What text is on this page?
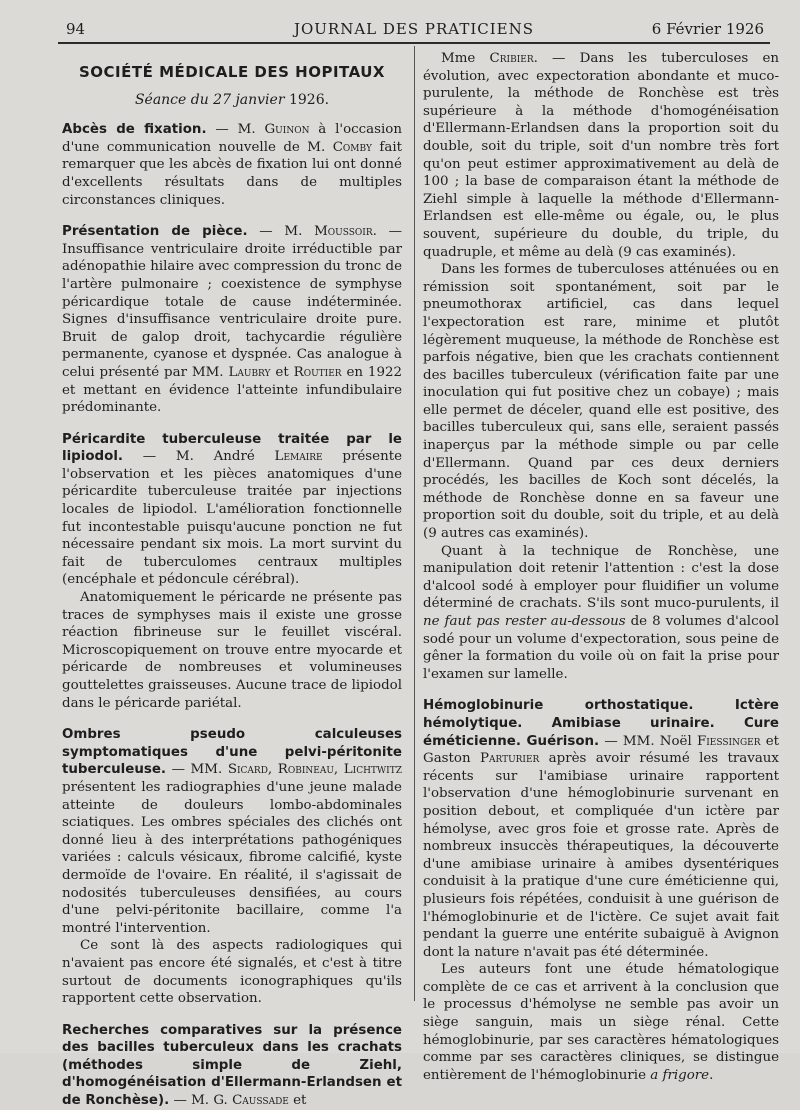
94	JOURNAL DES PRATICIENS	6 Février 1926
SOCIÉTÉ MÉDICALE DES HOPITAUX
Séance du 27 janvier 1926.

Abcès de fixation. — M. Guinon à l'occasion d'une communication nouvelle de M. Comby fait remarquer que les abcès de fixation lui ont donné d'excellents résultats dans de multiples circonstances cliniques.

Présentation de pièce. — M. Moussoir. — Insuffisance ventriculaire droite irréductible par adénopathie hilaire avec compression du tronc de l'artère pulmonaire ; coexistence de symphyse péricardique totale de cause indéterminée. Signes d'insuffisance ventriculaire droite pure. Bruit de galop droit, tachycardie régulière permanente, cyanose et dyspnée. Cas analogue à celui présenté par MM. Laubry et Routier en 1922 et mettant en évidence l'atteinte infundibulaire prédominante.

Péricardite tuberculeuse traitée par le lipiodol. — M. André Lemaire présente l'observation et les pièces anatomiques d'une péricardite tuberculeuse traitée par injections locales de lipiodol. L'amélioration fonctionnelle fut incontestable puisqu'aucune ponction ne fut nécessaire pendant six mois. La mort survint du fait de tuberculomes centraux multiples (encéphale et pédoncule cérébral).

Anatomiquement le péricarde ne présente pas traces de symphyses mais il existe une grosse réaction fibrineuse sur le feuillet viscéral. Microscopiquement on trouve entre myocarde et péricarde de nombreuses et volumineuses gouttelettes graisseuses. Aucune trace de lipiodol dans le péricarde pariétal.

Ombres pseudo calculeuses symptomatiques d'une pelvi-péritonite tuberculeuse. — MM. Sicard, Robineau, Lichtwitz présentent les radiographies d'une jeune malade atteinte de douleurs lombo-abdominales sciatiques. Les ombres spéciales des clichés ont donné lieu à des interprétations pathogéniques variées : calculs vésicaux, fibrome calcifié, kyste dermoïde de l'ovaire. En réalité, il s'agissait de nodosités tuberculeuses densifiées, au cours d'une pelvi-péritonite bacillaire, comme l'a montré l'intervention.

Ce sont là des aspects radiologiques qui n'avaient pas encore été signalés, et c'est à titre surtout de documents iconographiques qu'ils rapportent cette observation.

Recherches comparatives sur la présence des bacilles tuberculeux dans les crachats (méthodes simple de Ziehl, d'homogénéisation d'Ellermann-Erlandsen et de Ronchèse). — M. G. Caussade et

Mme Cribier. — Dans les tuberculoses en évolution, avec expectoration abondante et muco-purulente, la méthode de Ronchèse est très supérieure à la méthode d'homogénéisation d'Ellermann-Erlandsen dans la proportion soit du double, soit du triple, soit d'un nombre très fort qu'on peut estimer approximativement au delà de 100 ; la base de comparaison étant la méthode de Ziehl simple à laquelle la méthode d'Ellermann-Erlandsen est elle-même ou égale, ou, le plus souvent, supérieure du double, du triple, du quadruple, et même au delà (9 cas examinés).

Dans les formes de tuberculoses atténuées ou en rémission soit spontanément, soit par le pneumothorax artificiel, cas dans lequel l'expectoration est rare, minime et plutôt légèrement muqueuse, la méthode de Ronchèse est parfois négative, bien que les crachats contiennent des bacilles tuberculeux (vérification faite par une inoculation qui fut positive chez un cobaye) ; mais elle permet de déceler, quand elle est positive, des bacilles tuberculeux qui, sans elle, seraient passés inaperçus par la méthode simple ou par celle d'Ellermann. Quand par ces deux derniers procédés, les bacilles de Koch sont décelés, la méthode de Ronchèse donne en sa faveur une proportion soit du double, soit du triple, et au delà (9 autres cas examinés).

Quant à la technique de Ronchèse, une manipulation doit retenir l'attention : c'est la dose d'alcool sodé à employer pour fluidifier un volume déterminé de crachats. S'ils sont muco-purulents, il ne faut pas rester au-dessous de 8 volumes d'alcool sodé pour un volume d'expectoration, sous peine de gêner la formation du voile où on fait la prise pour l'examen sur lamelle.

Hémoglobinurie orthostatique. Ictère hémolytique. Amibiase urinaire. Cure éméticienne. Guérison. — MM. Noël Fiessinger et Gaston Parturier après avoir résumé les travaux récents sur l'amibiase urinaire rapportent l'observation d'une hémoglobinurie survenant en position debout, et compliquée d'un ictère par hémolyse, avec gros foie et grosse rate. Après de nombreux insuccès thérapeutiques, la découverte d'une amibiase urinaire à amibes dysentériques conduisit à la pratique d'une cure éméticienne qui, plusieurs fois répétées, conduisit à une guérison de l'hémoglobinurie et de l'ictère. Ce sujet avait fait pendant la guerre une entérite subaiguë à Avignon dont la nature n'avait pas été déterminée.

Les auteurs font une étude hématologique complète de ce cas et arrivent à la conclusion que le processus d'hémolyse ne semble pas avoir un siège sanguin, mais un siège rénal. Cette hémoglobinurie, par ses caractères hématologiques comme par ses caractères cliniques, se distingue entièrement de l'hémoglobinurie a frigore.
